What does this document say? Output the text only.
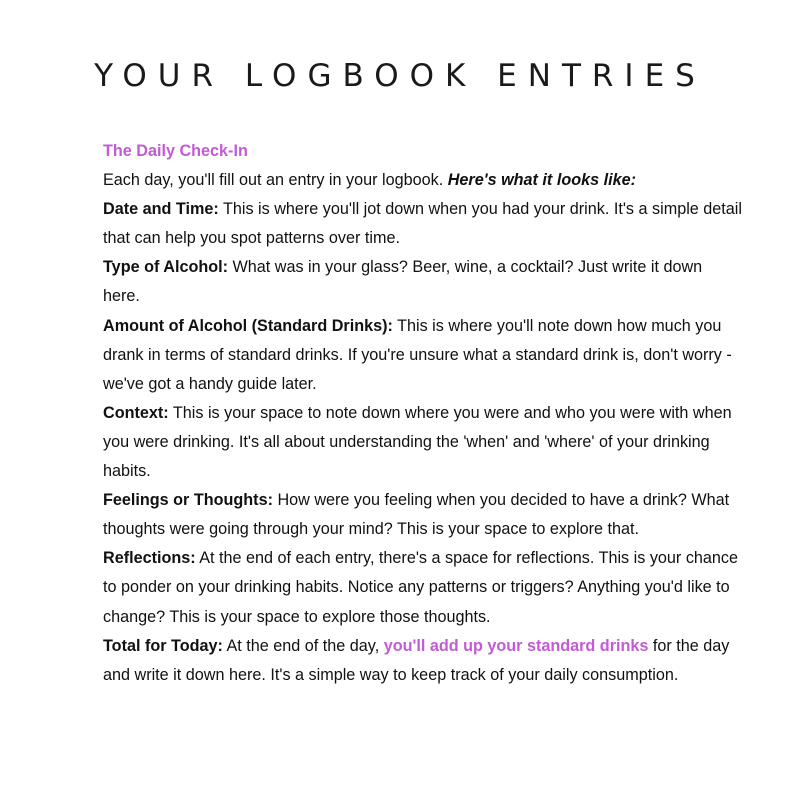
YOUR LOGBOOK ENTRIES
The Daily Check-In

Each day, you'll fill out an entry in your logbook. Here's what it looks like:

Date and Time: This is where you'll jot down when you had your drink. It's a simple detail that can help you spot patterns over time.

Type of Alcohol: What was in your glass? Beer, wine, a cocktail? Just write it down here.

Amount of Alcohol (Standard Drinks): This is where you'll note down how much you drank in terms of standard drinks. If you're unsure what a standard drink is, don't worry - we've got a handy guide later.

Context: This is your space to note down where you were and who you were with when you were drinking. It's all about understanding the 'when' and 'where' of your drinking habits.

Feelings or Thoughts: How were you feeling when you decided to have a drink? What thoughts were going through your mind? This is your space to explore that.

Reflections: At the end of each entry, there's a space for reflections. This is your chance to ponder on your drinking habits. Notice any patterns or triggers? Anything you'd like to change? This is your space to explore those thoughts.

Total for Today: At the end of the day, you'll add up your standard drinks for the day and write it down here. It's a simple way to keep track of your daily consumption.
